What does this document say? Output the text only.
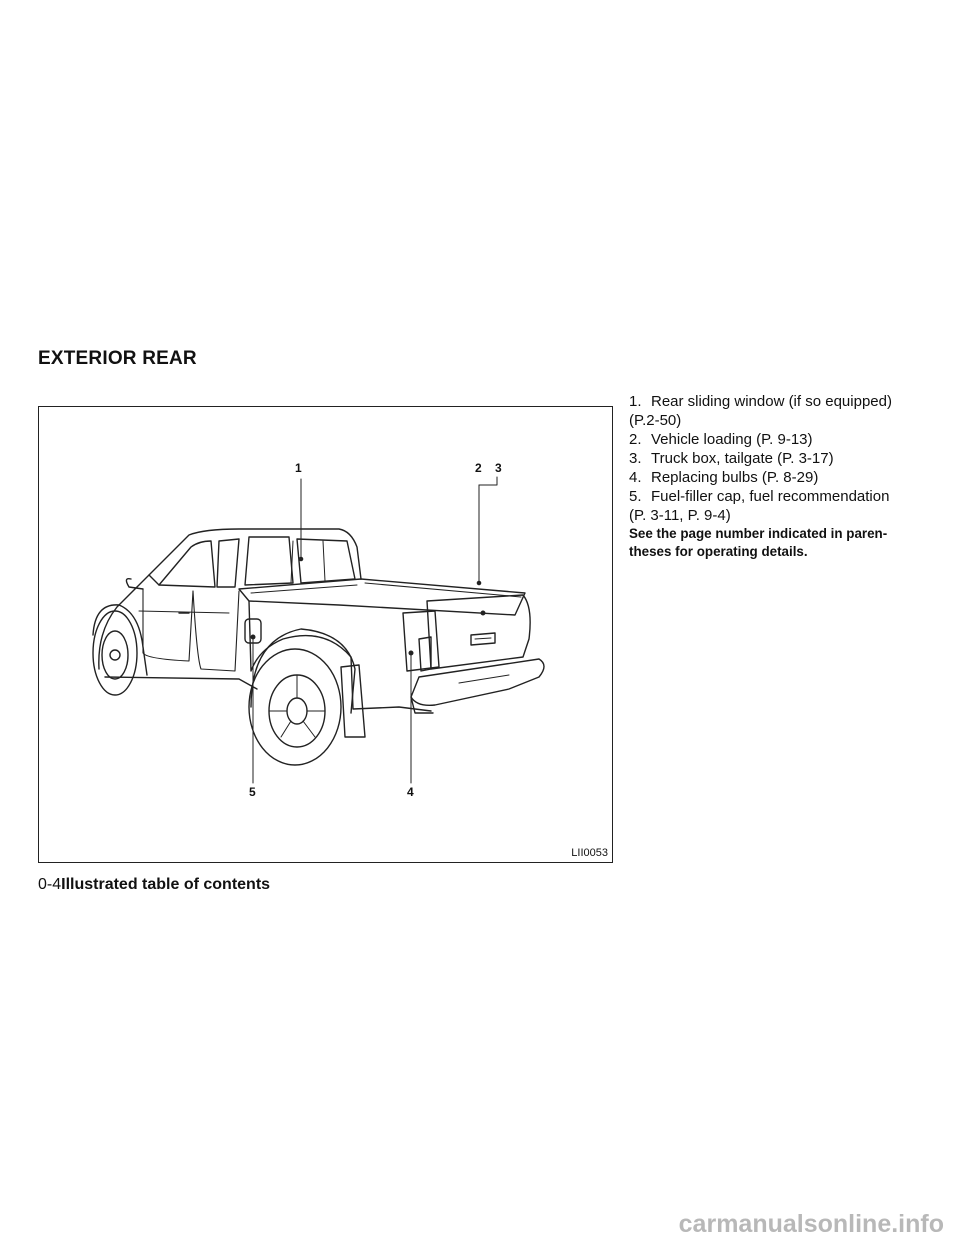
EXTERIOR REAR
1	2 3
4
5
LII0053
1. Rear sliding window (if so equipped)
(P.2-50)
2. Vehicle loading (P. 9-13)
3. Truck box, tailgate (P. 3-17)
4. Replacing bulbs (P. 8-29)
5. Fuel-filler cap, fuel recommendation
(P. 3-11, P. 9-4)
See the page number indicated in paren-
theses for operating details.
0-4Illustrated table of contents
carmanualsonline.info
